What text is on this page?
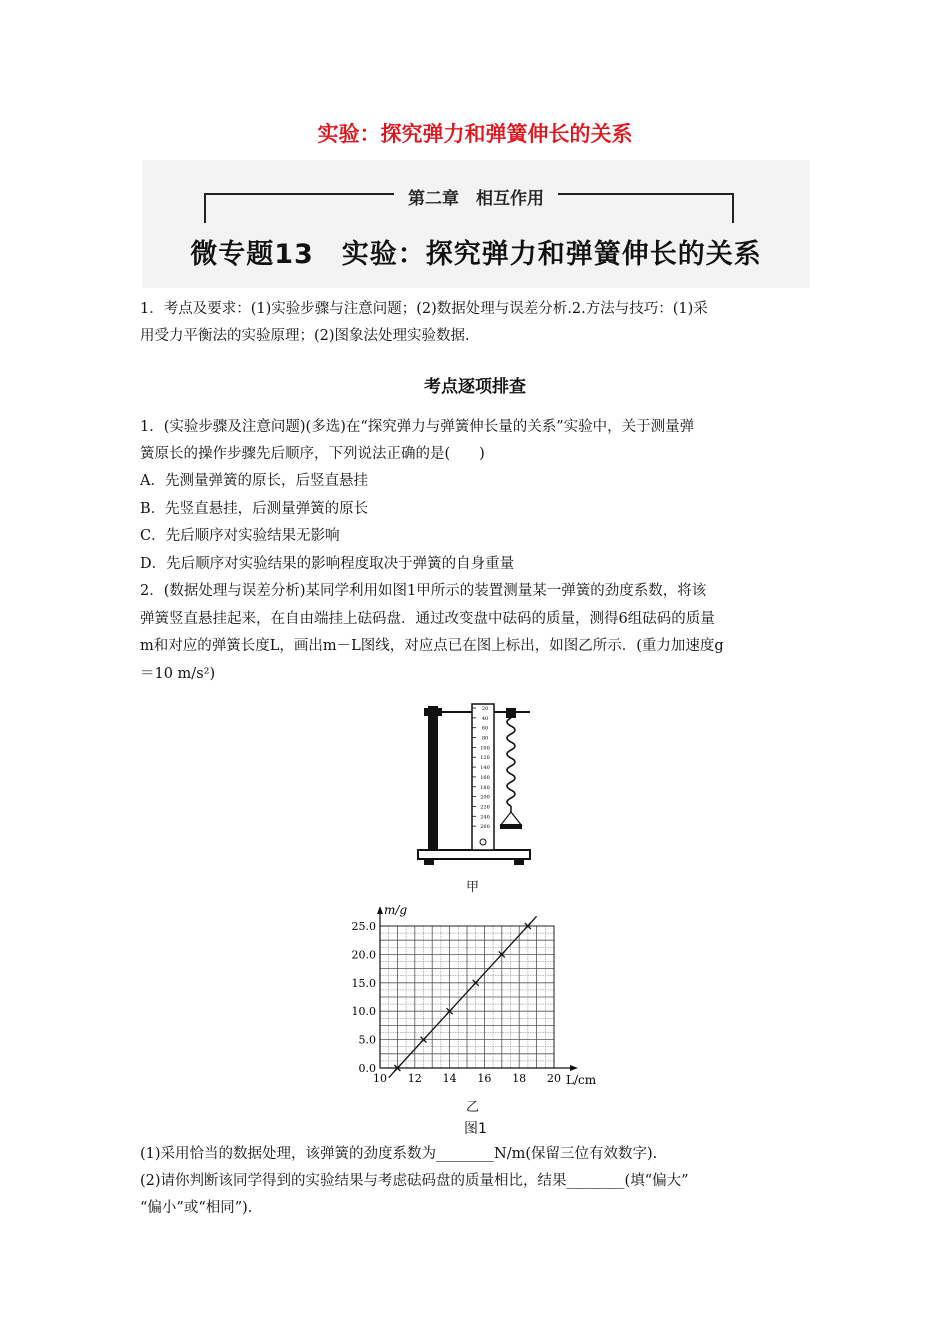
实验：探究弹力和弹簧伸长的关系
第二章　相互作用
微专题13　实验：探究弹力和弹簧伸长的关系
1．考点及要求：(1)实验步骤与注意问题；(2)数据处理与误差分析.2.方法与技巧：(1)采
用受力平衡法的实验原理；(2)图象法处理实验数据.
考点逐项排查
1．(实验步骤及注意问题)(多选)在“探究弹力与弹簧伸长量的关系”实验中，关于测量弹
簧原长的操作步骤先后顺序，下列说法正确的是(　　)
A．先测量弹簧的原长，后竖直悬挂
B．先竖直悬挂，后测量弹簧的原长
C．先后顺序对实验结果无影响
D．先后顺序对实验结果的影响程度取决于弹簧的自身重量
2．(数据处理与误差分析)某同学利用如图1甲所示的装置测量某一弹簧的劲度系数，将该
弹簧竖直悬挂起来，在自由端挂上砝码盘．通过改变盘中砝码的质量，测得6组砝码的质量
m和对应的弹簧长度L，画出m－L图线，对应点已在图上标出，如图乙所示．(重力加速度g
＝10 m/s²)
20
40
60
80
100
120
140
160
180
200
220
240
260
甲
0.0
5.0
10.0
15.0
20.0
25.0
10 12 14 16 18 20
m/g
L/cm
乙
图1
(1)采用恰当的数据处理，该弹簧的劲度系数为________N/m(保留三位有效数字).
(2)请你判断该同学得到的实验结果与考虑砝码盘的质量相比，结果________(填“偏大”
“偏小”或“相同”).
